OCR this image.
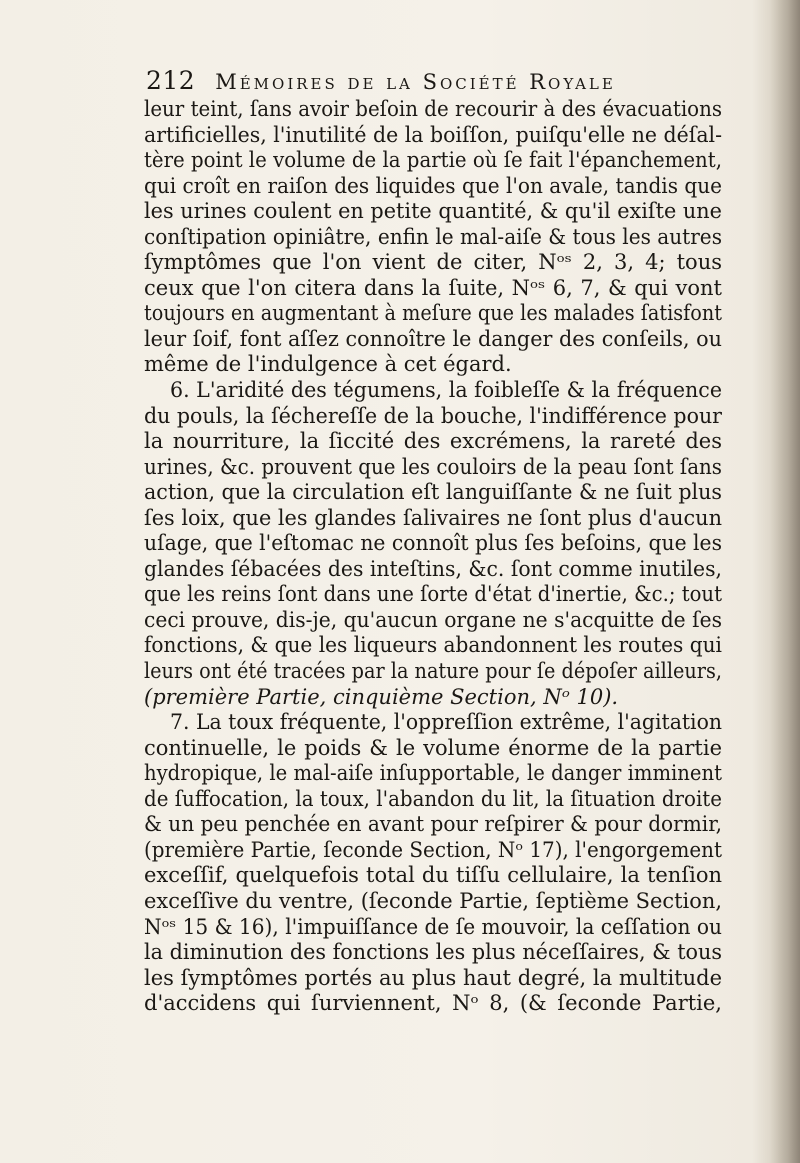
212 Mémoires de la Société Royale
leur teint, ſans avoir beſoin de recourir à des évacuations
artificielles, l'inutilité de la boiſſon, puiſqu'elle ne déſal-
tère point le volume de la partie où ſe fait l'épanchement,
qui croît en raiſon des liquides que l'on avale, tandis que
les urines coulent en petite quantité, & qu'il exiſte une
conſtipation opiniâtre, enfin le mal-aiſe & tous les autres
ſymptômes que l'on vient de citer, Nᵒˢ 2, 3, 4; tous
ceux que l'on citera dans la ſuite, Nᵒˢ 6, 7, & qui vont
toujours en augmentant à meſure que les malades ſatisfont
leur ſoif, font aſſez connoître le danger des conſeils, ou
même de l'indulgence à cet égard.
6. L'aridité des tégumens, la foibleſſe & la fréquence
du pouls, la ſéchereſſe de la bouche, l'indifférence pour
la nourriture, la ſiccité des excrémens, la rareté des
urines, &c. prouvent que les couloirs de la peau ſont ſans
action, que la circulation eſt languiſſante & ne ſuit plus
ſes loix, que les glandes ſalivaires ne ſont plus d'aucun
uſage, que l'eſtomac ne connoît plus ſes beſoins, que les
glandes ſébacées des inteſtins, &c. ſont comme inutiles,
que les reins ſont dans une ſorte d'état d'inertie, &c.; tout
ceci prouve, dis-je, qu'aucun organe ne s'acquitte de ſes
fonctions, & que les liqueurs abandonnent les routes qui
leurs ont été tracées par la nature pour ſe dépoſer ailleurs,
(première Partie, cinquième Section, Nᵒ 10).
7. La toux fréquente, l'oppreſſion extrême, l'agitation
continuelle, le poids & le volume énorme de la partie
hydropique, le mal-aiſe inſupportable, le danger imminent
de ſuffocation, la toux, l'abandon du lit, la ſituation droite
& un peu penchée en avant pour reſpirer & pour dormir,
(première Partie, ſeconde Section, Nᵒ 17), l'engorgement
exceſſif, quelquefois total du tiſſu cellulaire, la tenſion
exceſſive du ventre, (ſeconde Partie, ſeptième Section,
Nᵒˢ 15 & 16), l'impuiſſance de ſe mouvoir, la ceſſation ou
la diminution des fonctions les plus néceſſaires, & tous
les ſymptômes portés au plus haut degré, la multitude
d'accidens qui ſurviennent, Nᵒ 8, (& ſeconde Partie,
